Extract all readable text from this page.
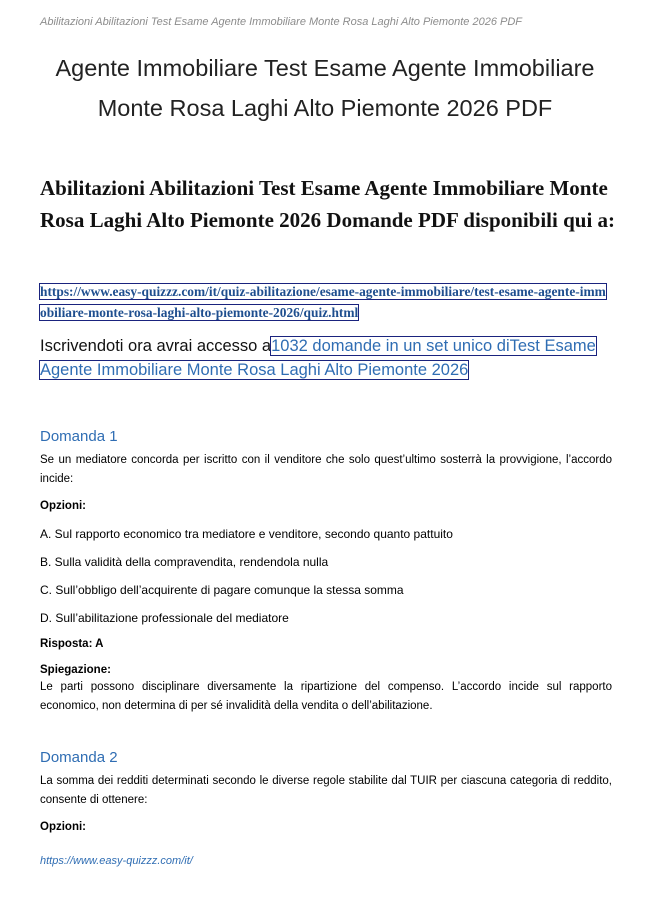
Abilitazioni Abilitazioni Test Esame Agente Immobiliare Monte Rosa Laghi Alto Piemonte 2026 PDF
Agente Immobiliare Test Esame Agente Immobiliare Monte Rosa Laghi Alto Piemonte 2026 PDF
Abilitazioni Abilitazioni Test Esame Agente Immobiliare Monte Rosa Laghi Alto Piemonte 2026 Domande PDF disponibili qui a:
https://www.easy-quizzz.com/it/quiz-abilitazione/esame-agente-immobiliare/test-esame-agente-immobiliare-monte-rosa-laghi-alto-piemonte-2026/quiz.html
Iscrivendoti ora avrai accesso a1032 domande in un set unico diTest Esame Agente Immobiliare Monte Rosa Laghi Alto Piemonte 2026
Domanda 1

Se un mediatore concorda per iscritto con il venditore che solo quest’ultimo sosterrà la provvigione, l’accordo incide:

Opzioni:

A. Sul rapporto economico tra mediatore e venditore, secondo quanto pattuito

B. Sulla validità della compravendita, rendendola nulla

C. Sull’obbligo dell’acquirente di pagare comunque la stessa somma

D. Sull’abilitazione professionale del mediatore

Risposta: A

Spiegazione:

Le parti possono disciplinare diversamente la ripartizione del compenso. L’accordo incide sul rapporto economico, non determina di per sé invalidità della vendita o dell’abilitazione.

Domanda 2

La somma dei redditi determinati secondo le diverse regole stabilite dal TUIR per ciascuna categoria di reddito, consente di ottenere:

Opzioni:

https://www.easy-quizzz.com/it/
